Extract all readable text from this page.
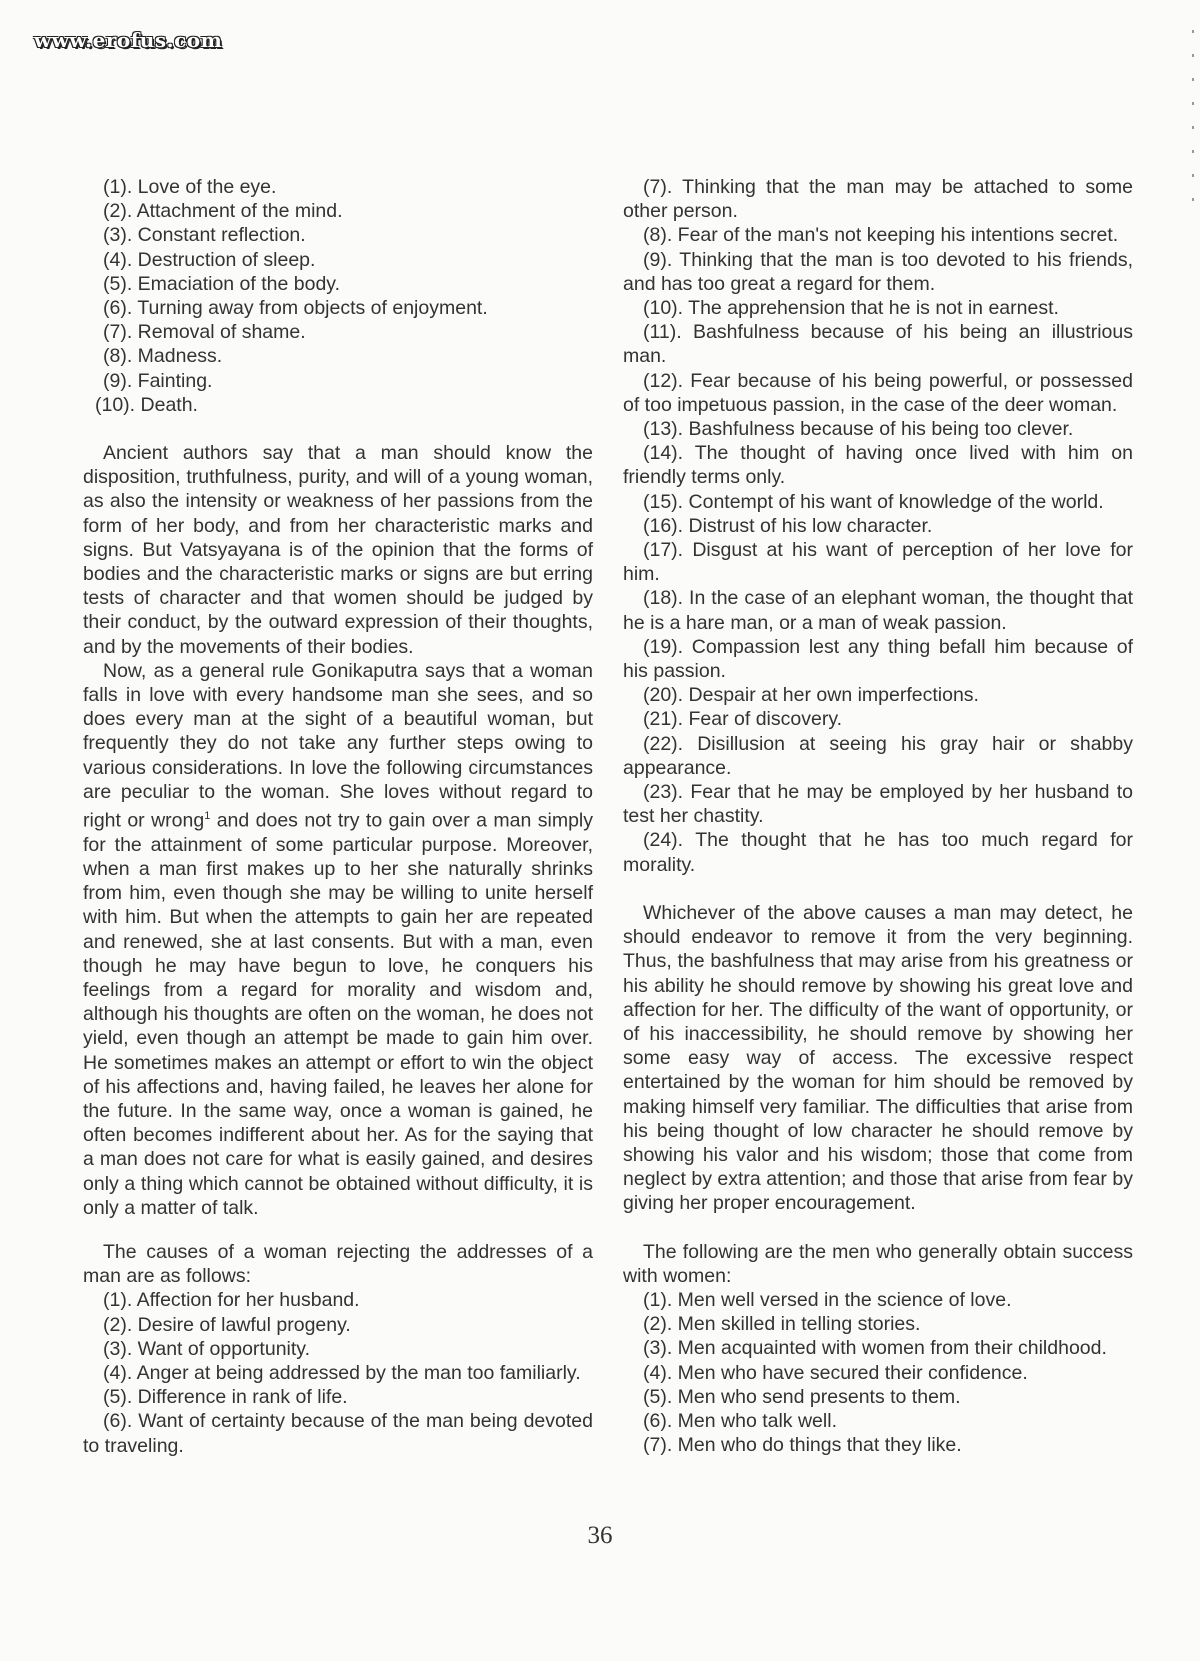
www.erofus.com
(1). Love of the eye.
(2). Attachment of the mind.
(3). Constant reflection.
(4). Destruction of sleep.
(5). Emaciation of the body.
(6). Turning away from objects of enjoyment.
(7). Removal of shame.
(8). Madness.
(9). Fainting.
(10). Death.

Ancient authors say that a man should know the disposition, truthfulness, purity, and will of a young woman, as also the intensity or weakness of her passions from the form of her body, and from her characteristic marks and signs. But Vatsyayana is of the opinion that the forms of bodies and the characteristic marks or signs are but erring tests of character and that women should be judged by their conduct, by the outward expression of their thoughts, and by the movements of their bodies.

Now, as a general rule Gonikaputra says that a woman falls in love with every handsome man she sees, and so does every man at the sight of a beautiful woman, but frequently they do not take any further steps owing to various considerations. In love the following circumstances are peculiar to the woman. She loves without regard to right or wrong$^1$ and does not try to gain over a man simply for the attainment of some particular purpose. Moreover, when a man first makes up to her she naturally shrinks from him, even though she may be willing to unite herself with him. But when the attempts to gain her are repeated and renewed, she at last consents. But with a man, even though he may have begun to love, he conquers his feelings from a regard for morality and wisdom and, although his thoughts are often on the woman, he does not yield, even though an attempt be made to gain him over. He sometimes makes an attempt or effort to win the object of his affections and, having failed, he leaves her alone for the future. In the same way, once a woman is gained, he often becomes indifferent about her. As for the saying that a man does not care for what is easily gained, and desires only a thing which cannot be obtained without difficulty, it is only a matter of talk.

The causes of a woman rejecting the addresses of a man are as follows:

(1). Affection for her husband.

(2). Desire of lawful progeny.

(3). Want of opportunity.

(4). Anger at being addressed by the man too familiarly.

(5). Difference in rank of life.

(6). Want of certainty because of the man being devoted to traveling.

(7). Thinking that the man may be attached to some other person.

(8). Fear of the man's not keeping his intentions secret.

(9). Thinking that the man is too devoted to his friends, and has too great a regard for them.

(10). The apprehension that he is not in earnest.

(11). Bashfulness because of his being an illustrious man.

(12). Fear because of his being powerful, or possessed of too impetuous passion, in the case of the deer woman.

(13). Bashfulness because of his being too clever.

(14). The thought of having once lived with him on friendly terms only.

(15). Contempt of his want of knowledge of the world.

(16). Distrust of his low character.

(17). Disgust at his want of perception of her love for him.

(18). In the case of an elephant woman, the thought that he is a hare man, or a man of weak passion.

(19). Compassion lest any thing befall him because of his passion.

(20). Despair at her own imperfections.

(21). Fear of discovery.

(22). Disillusion at seeing his gray hair or shabby appearance.

(23). Fear that he may be employed by her husband to test her chastity.

(24). The thought that he has too much regard for morality.

Whichever of the above causes a man may detect, he should endeavor to remove it from the very beginning. Thus, the bashfulness that may arise from his greatness or his ability he should remove by showing his great love and affection for her. The difficulty of the want of opportunity, or of his inaccessibility, he should remove by showing her some easy way of access. The excessive respect entertained by the woman for him should be removed by making himself very familiar. The difficulties that arise from his being thought of low character he should remove by showing his valor and his wisdom; those that come from neglect by extra attention; and those that arise from fear by giving her proper encouragement.

The following are the men who generally obtain success with women:

(1). Men well versed in the science of love.

(2). Men skilled in telling stories.

(3). Men acquainted with women from their childhood.

(4). Men who have secured their confidence.

(5). Men who send presents to them.

(6). Men who talk well.

(7). Men who do things that they like.

36
